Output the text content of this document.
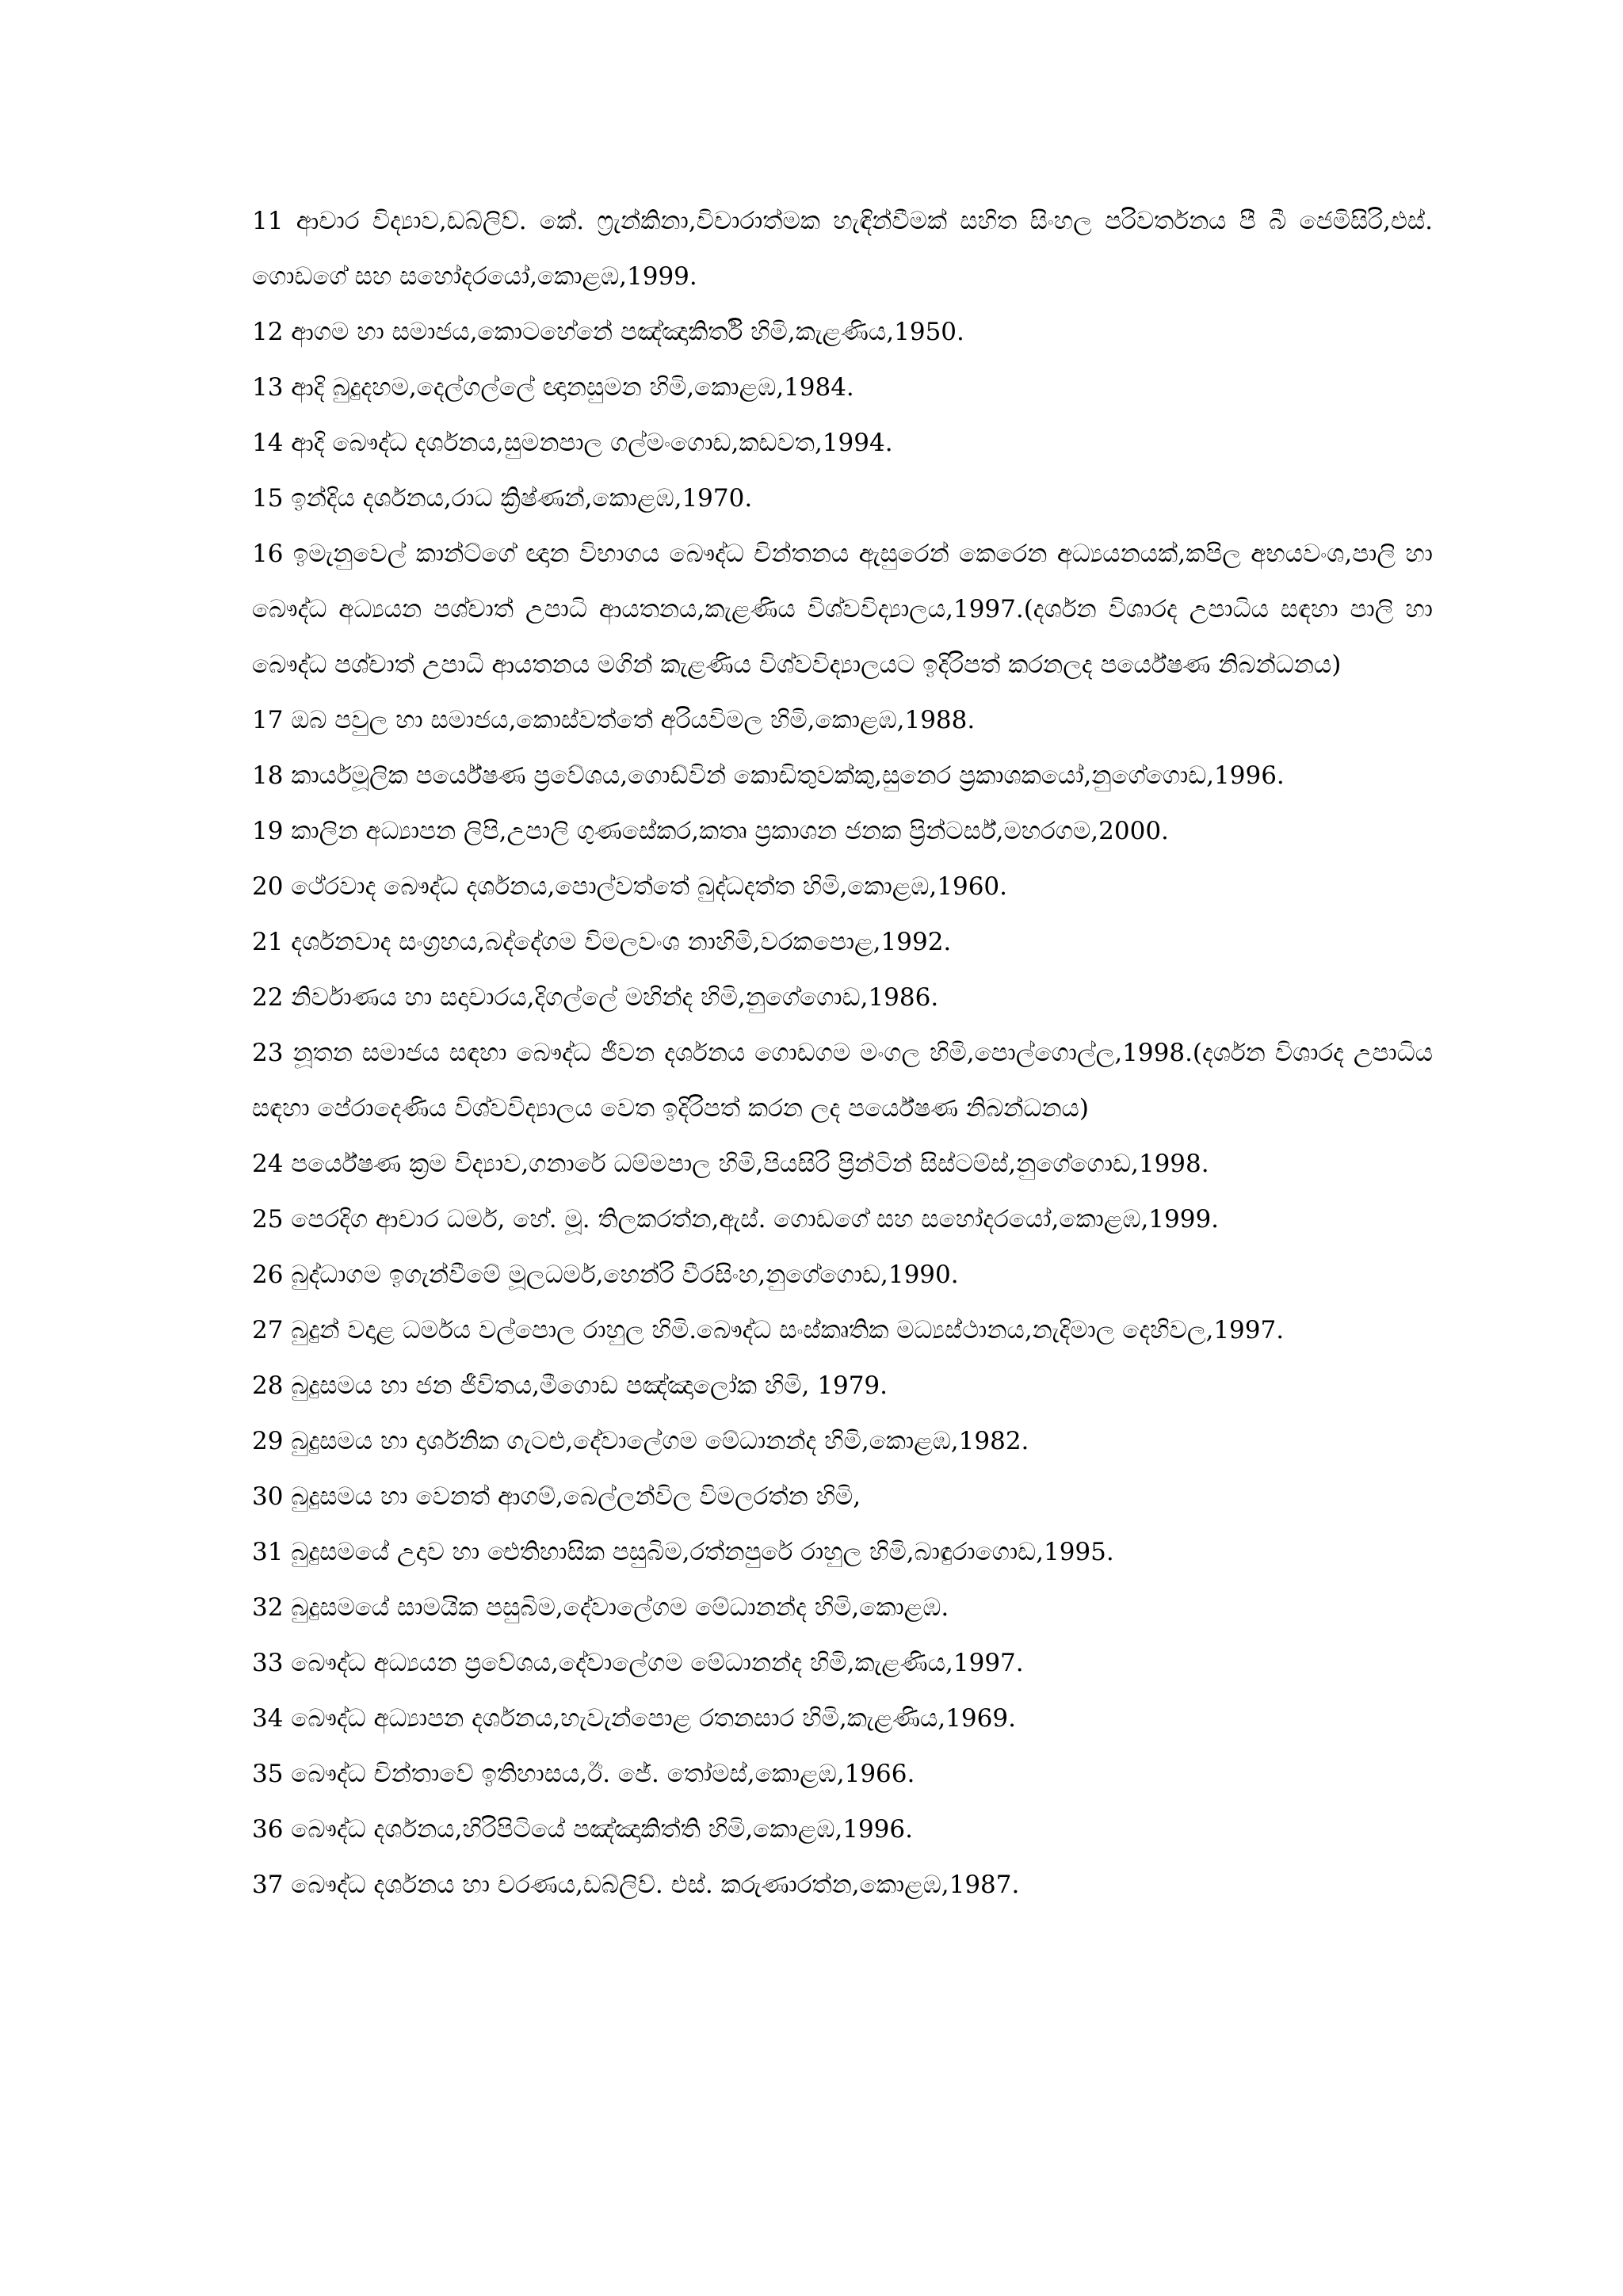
11 ආචාර විද්‍යාව,ඩබ්ලිව්. කේ. ෆ්‍රැන්කිනා,විචාරාත්මක හැඳින්වීමක් සහිත සිංහල පරිවර්තනය පී බී ජෙමිසිරි,එස්. ගොඩගේ සහ සහෝදරයෝ,කොළඹ,1999.

12 ආගම හා සමාජය,කොටහේනේ පඤ්ඤාකිර්ති හිමි,කැළණිය,1950.

13 ආදි බුදුදහම,දෙල්ගල්ලේ ඥානසුමන හිමි,කොළඹ,1984.

14 ආදි බෞද්ධ දර්ශනය,සුමනපාල ගල්මංගොඩ,කඩවත,1994.

15 ඉන්දිය දර්ශනය,රාධ ක්‍රිෂ්ණන්,කොළඹ,1970.

16 ඉමැනුවෙල් කාන්ට්ගේ ඥාන විභාගය බෞද්ධ චින්තනය ඇසුරෙන් කෙරෙන අධ්‍යයනයක්,කපිල අභයවංශ,පාලි හා බෞද්ධ අධ්‍යයන පශ්චාත් උපාධි ආයතනය,කැළණිය විශ්වවිද්‍යාලය,1997.(දර්ශන විශාරද උපාධිය සඳහා පාලි හා බෞද්ධ පශ්චාත් උපාධි ආයතනය මගින් කැළණිය විශ්වවිද්‍යාලයට ඉදිරිපත් කරනලද පර්යේෂණ නිබන්ධනය)

17 ඔබ පවුල හා සමාජය,කොස්වත්තේ අරියවිමල හිමි,කොළඹ,1988.

18 කාර්යමූලික පර්යේෂණ ප්‍රවේශය,ගොඩ්වින් කොඩිතුවක්කු,සුනෙර ප්‍රකාශකයෝ,නුගේගොඩ,1996.

19 කාලින අධ්‍යාපන ලිපි,උපාලි ගුණසේකර,කතෘ ප්‍රකාශන ජනක ප්‍රින්ටර්ස්,මහරගම,2000.

20 ථේරවාද බෞද්ධ දර්ශනය,පොල්වත්තේ බුද්ධදත්ත හිමි,කොළඹ,1960.

21 දර්ශනවාද සංග්‍රහය,බද්දේගම විමලවංශ නාහිමි,වරකපොළ,1992.

22 නිර්වාණය හා සදාචාරය,දිගල්ලේ මහින්ද හිමි,නුගේගොඩ,1986.

23 නූතන සමාජය සඳහා බෞද්ධ ජීවන දර්ශනය ගොඩගම මංගල හිමි,පොල්ගොල්ල,1998.(දර්ශන විශාරද උපාධිය සඳහා පේරාදෙණිය විශ්වවිද්‍යාලය වෙත ඉදිරිපත් කරන ලද පර්යේෂණ නිබන්ධනය)

24 පර්යේෂණ ක්‍රම විද්‍යාව,ගනාරේ ධම්මපාල හිමි,පියසිරි ප්‍රින්ටින් සිස්ටම්ස්,නුගේගොඩ,1998.

25 පෙරදිග ආචාර ධර්ම, හේ. මූ. තිලකරත්න,ඇස්. ගොඩගේ සහ සහෝදරයෝ,කොළඹ,1999.

26 බුද්ධාගම ඉගැන්වීමේ මූලධර්ම,හෙන්රි වීරසිංහ,නුගේගොඩ,1990.

27 බුදුන් වදාළ ධර්මය වල්පොල රාහුල හිමි.බෞද්ධ සංස්කෘතික මධ්‍යස්ථානය,නැදිමාල දෙහිවල,1997.

28 බුදුසමය හා ජන ජීවිතය,මීගොඩ පඤ්ඤාලෝක හිමි, 1979.

29 බුදුසමය හා දාර්ශනික ගැටළු,දේවාලේගම මේධානන්ද හිමි,කොළඹ,1982.

30 බුදුසමය හා වෙනත් ආගම්,බෙල්ලන්විල විමලරත්න හිමි,

31 බුදුසමයේ උදාව හා ඓතිහාසික පසුබිම,රත්නපුරේ රාහුල හිමි,බාඳුරාගොඩ,1995.

32 බුදුසමයේ සාමයික පසුබිම,දේවාලේගම මේධානන්ද හිමි,කොළඹ.

33 බෞද්ධ අධ්‍යයන ප්‍රවේශය,දේවාලේගම මේධානන්ද හිමි,කැළණිය,1997.

34 බෞද්ධ අධ්‍යාපන දර්ශනය,හැවැන්පොළ රතනසාර හිමි,කැළණිය,1969.

35 බෞද්ධ චින්තාවේ ඉතිහාසය,ඊ. ජේ. තෝමස්,කොළඹ,1966.

36 බෞද්ධ දර්ශනය,හිරිපිටියේ පඤ්ඤාකිත්ති හිමි,කොළඹ,1996.

37 බෞද්ධ දර්ශනය හා චරණය,ඩබ්ලිව්. එස්. කරුණාරත්න,කොළඹ,1987.
